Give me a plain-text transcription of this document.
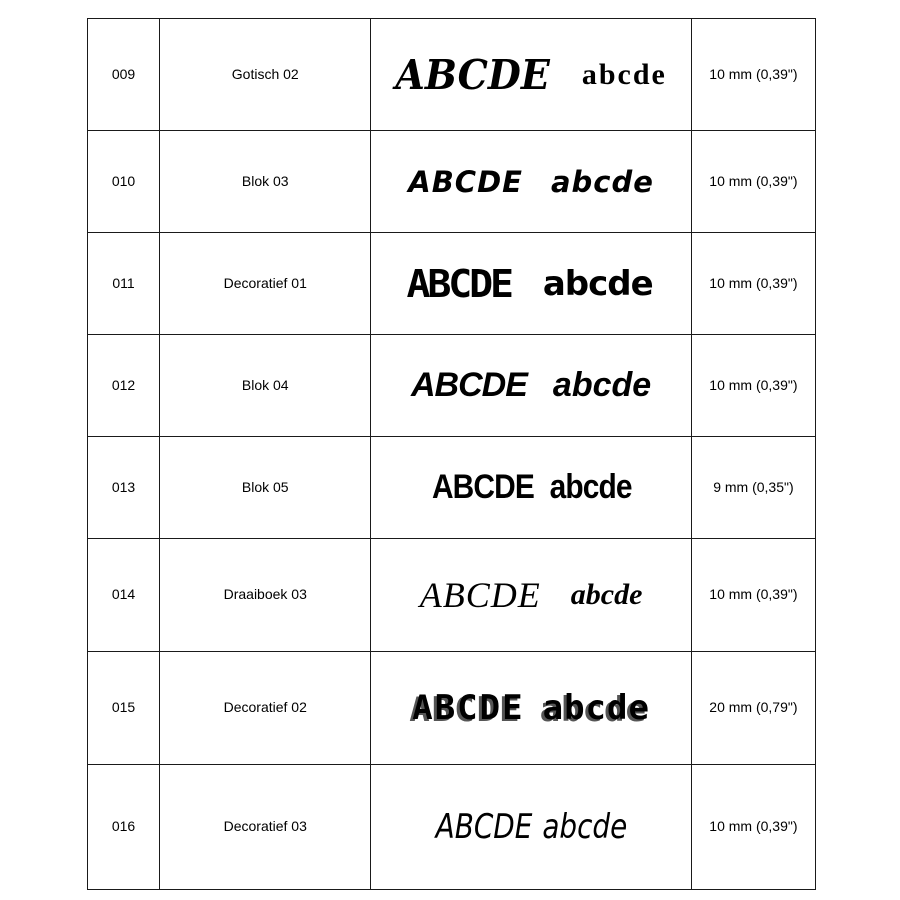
009	Gotisch 02	ABCDE abcde	10 mm (0,39")
010	Blok 03	ABCDE abcde	10 mm (0,39")
011	Decoratief 01	ABCDE abcde	10 mm (0,39")
012	Blok 04	ABCDE abcde	10 mm (0,39")
013	Blok 05	ABCDE abcde	9 mm (0,35")
014	Draaiboek 03	ABCDE abcde	10 mm (0,39")
015	Decoratief 02	ABCDE abcde	20 mm (0,79")
016	Decoratief 03	ABCDE abcde	10 mm (0,39")
